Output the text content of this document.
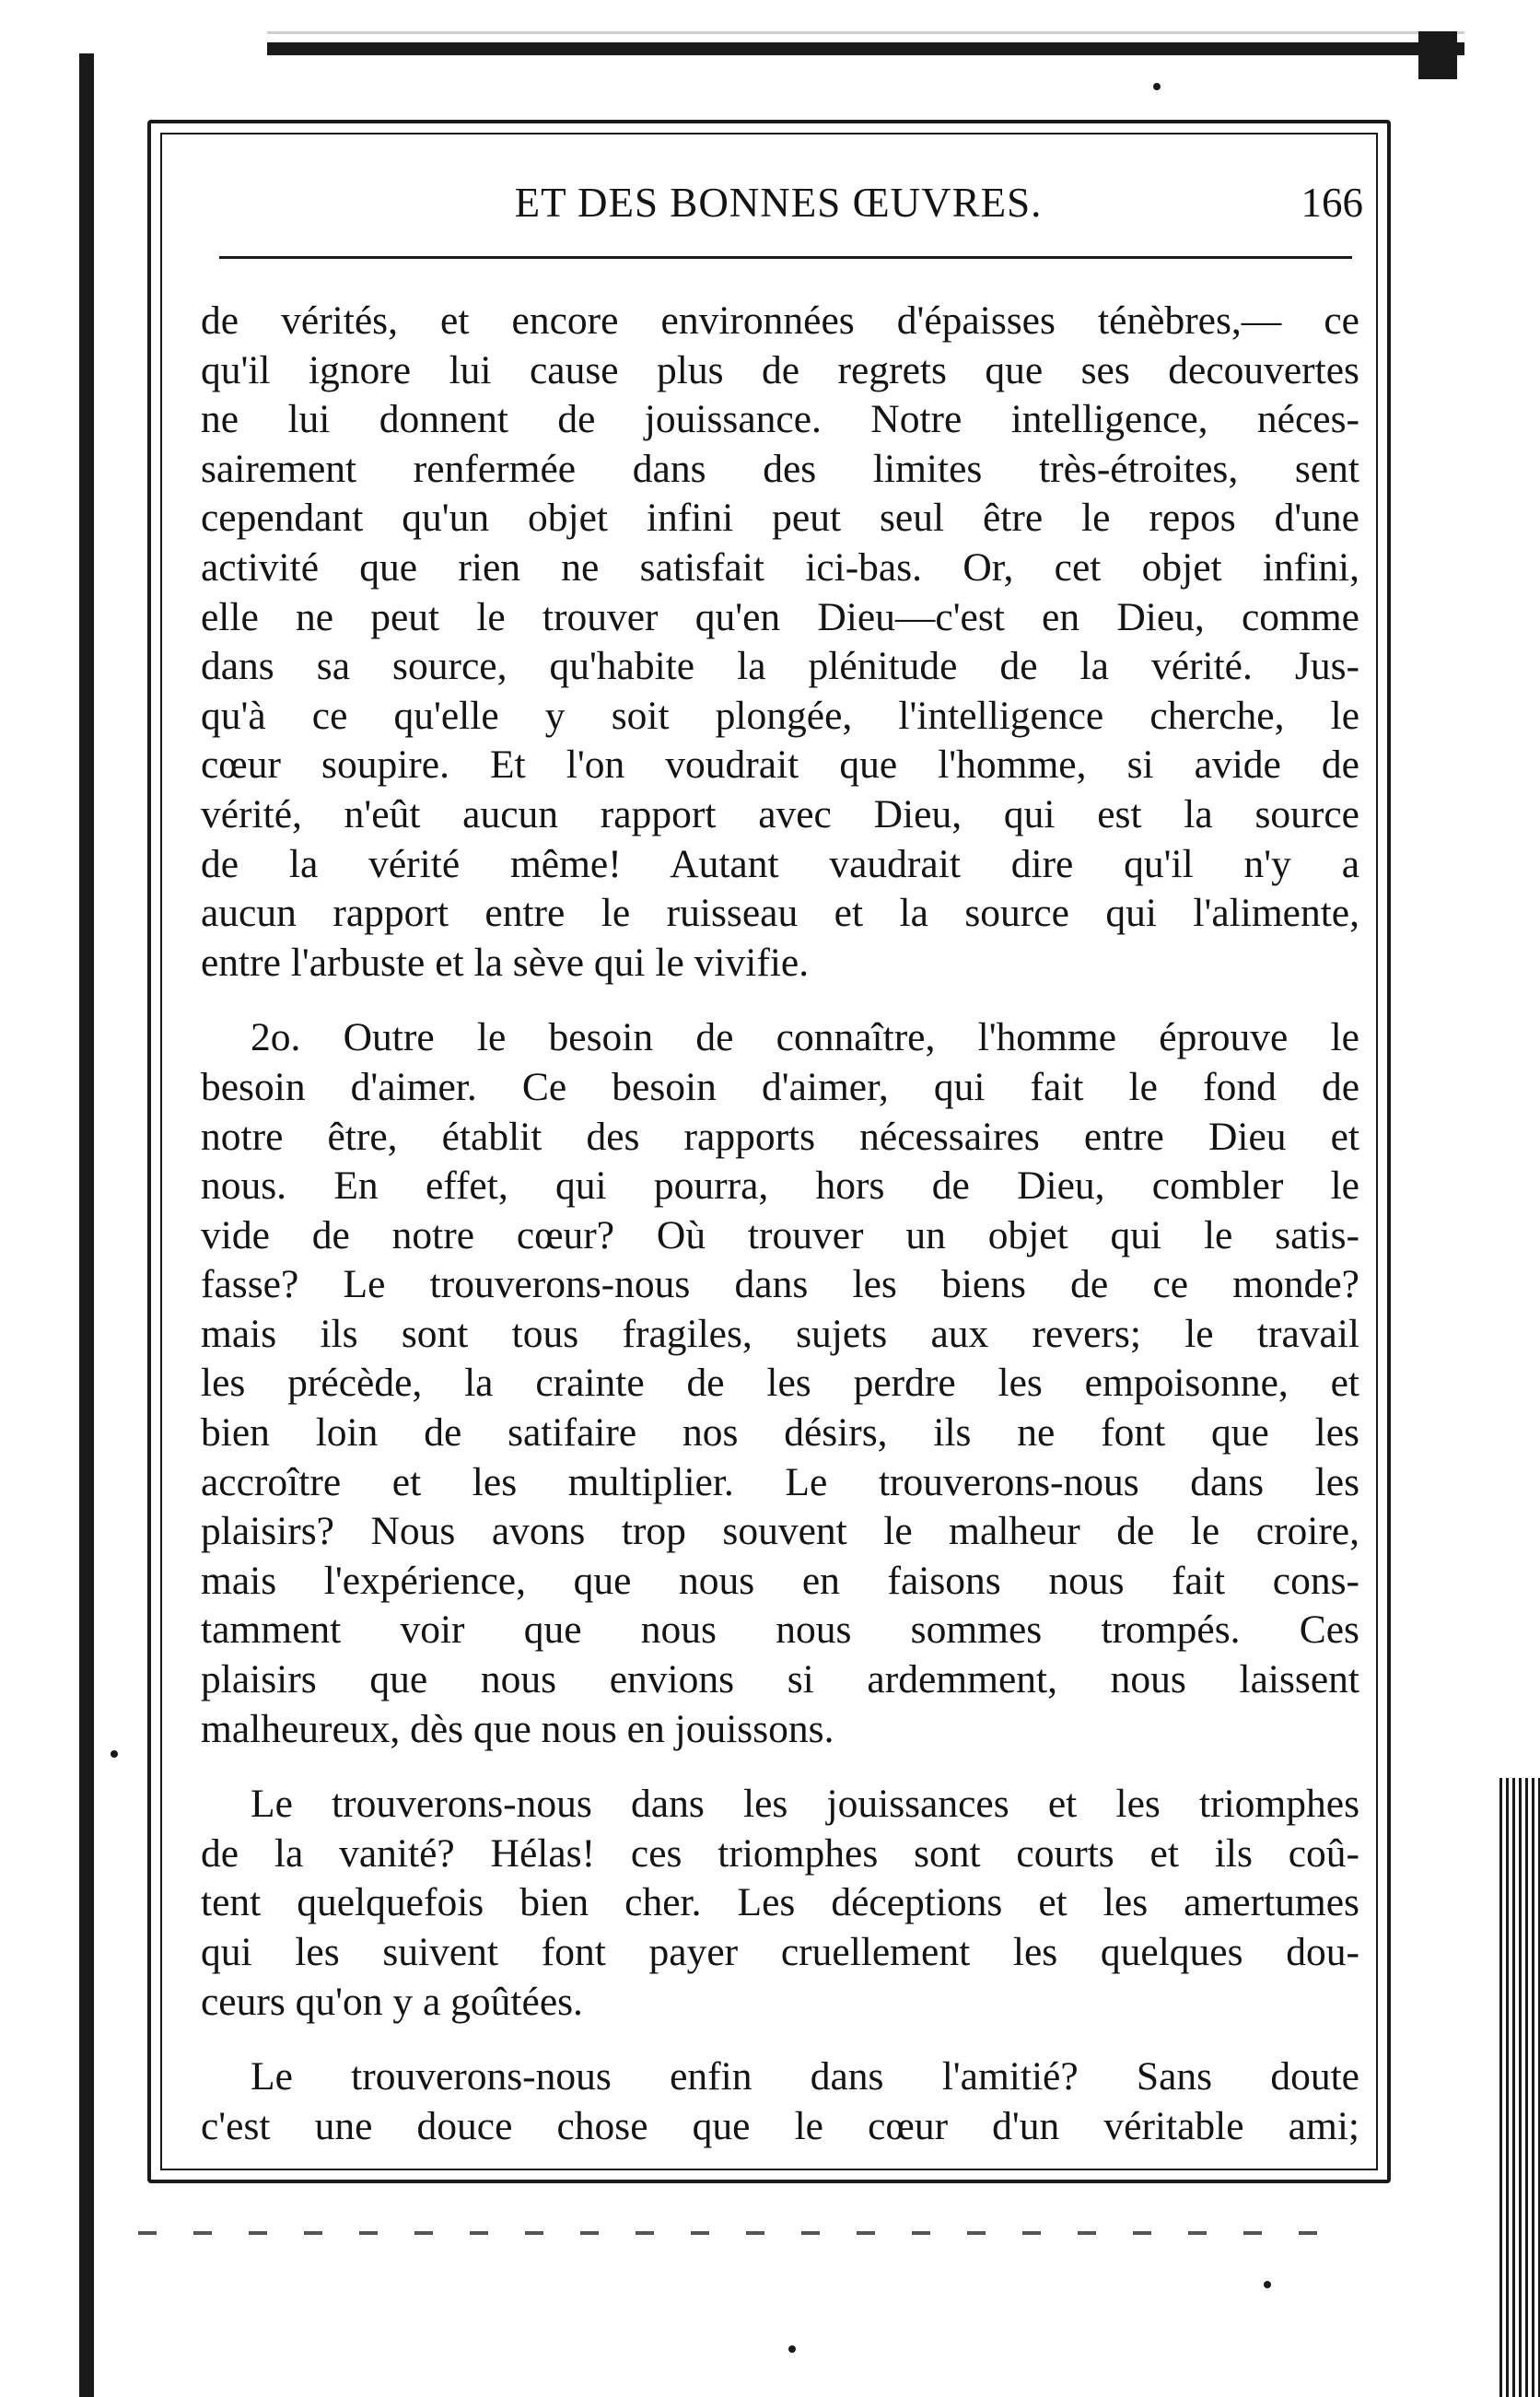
ET DES BONNES ŒUVRES.	166

de vérités, et encore environnées d'épaisses ténèbres,— ce
qu'il ignore lui cause plus de regrets que ses decouvertes
ne lui donnent de jouissance. Notre intelligence, néces-
sairement renfermée dans des limites très-étroites, sent
cependant qu'un objet infini peut seul être le repos d'une
activité que rien ne satisfait ici-bas. Or, cet objet infini,
elle ne peut le trouver qu'en Dieu—c'est en Dieu, comme
dans sa source, qu'habite la plénitude de la vérité. Jus-
qu'à ce qu'elle y soit plongée, l'intelligence cherche, le
cœur soupire. Et l'on voudrait que l'homme, si avide de
vérité, n'eût aucun rapport avec Dieu, qui est la source
de la vérité même! Autant vaudrait dire qu'il n'y a
aucun rapport entre le ruisseau et la source qui l'alimente,
entre l'arbuste et la sève qui le vivifie.

2o. Outre le besoin de connaître, l'homme éprouve le
besoin d'aimer. Ce besoin d'aimer, qui fait le fond de
notre être, établit des rapports nécessaires entre Dieu et
nous. En effet, qui pourra, hors de Dieu, combler le
vide de notre cœur? Où trouver un objet qui le satis-
fasse? Le trouverons-nous dans les biens de ce monde?
mais ils sont tous fragiles, sujets aux revers; le travail
les précède, la crainte de les perdre les empoisonne, et
bien loin de satifaire nos désirs, ils ne font que les
accroître et les multiplier. Le trouverons-nous dans les
plaisirs? Nous avons trop souvent le malheur de le croire,
mais l'expérience, que nous en faisons nous fait cons-
tamment voir que nous nous sommes trompés. Ces
plaisirs que nous envions si ardemment, nous laissent
malheureux, dès que nous en jouissons.

Le trouverons-nous dans les jouissances et les triomphes
de la vanité? Hélas! ces triomphes sont courts et ils coû-
tent quelquefois bien cher. Les déceptions et les amertumes
qui les suivent font payer cruellement les quelques dou-
ceurs qu'on y a goûtées.

Le trouverons-nous enfin dans l'amitié? Sans doute
c'est une douce chose que le cœur d'un véritable ami;
